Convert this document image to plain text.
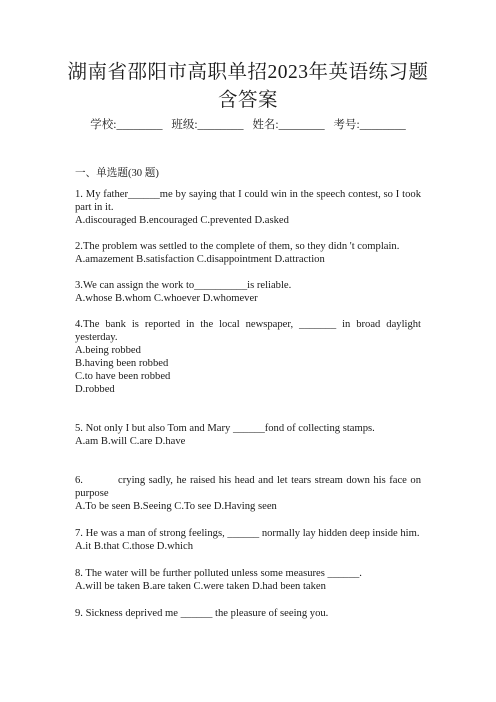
湖南省邵阳市高职单招2023年英语练习题
含答案
学校:________ 班级:________ 姓名:________ 考号:________

一、单选题(30 题)

1. My father______me by saying that I could win in the speech contest, so I took part in it.

A.discouraged B.encouraged C.prevented D.asked

2.The problem was settled to the complete of them, so they didn 't complain.

A.amazement B.satisfaction C.disappointment D.attraction

3.We can assign the work to__________is reliable.

A.whose B.whom C.whoever D.whomever

4.The bank is reported in the local newspaper, _______ in broad daylight yesterday.

A.being robbed

B.having been robbed

C.to have been robbed

D.robbed

5. Not only I but also Tom and Mary ______fond of collecting stamps.

A.am B.will C.are D.have

6.          crying sadly, he raised his head and let tears stream down his face on purpose

A.To be seen B.Seeing C.To see D.Having seen

7. He was a man of strong feelings, ______ normally lay hidden deep inside him.

A.it B.that C.those D.which

8. The water will be further polluted unless some measures ______.

A.will be taken B.are taken C.were taken D.had been taken

9. Sickness deprived me ______ the pleasure of seeing you.
